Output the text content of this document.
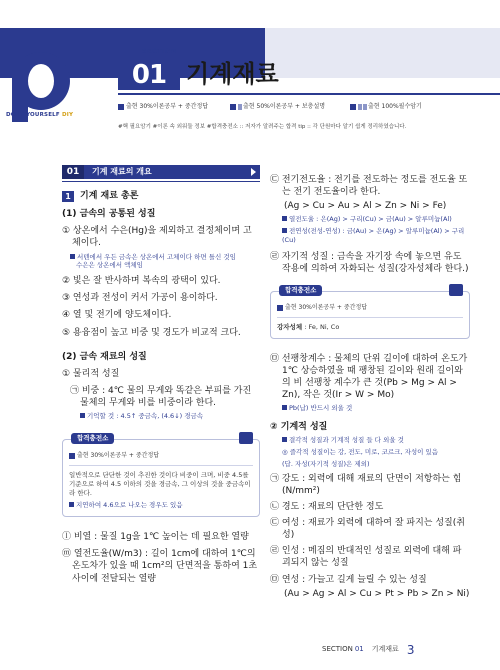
DO IT YOURSELF DIY
SECTION
01 기계재료
출현 30%이론공부 + 중간정답	출현 50%이론공부 + 보충설명	출현 100%필수암기
#핵 필요암기 #이론 속 외워둘 정보 #합격충전소 :: 저자가 알려주는 합격 tip :: 각 단원마다 알기 쉽게 정리하였습니다.
01	기계 재료의 개요
1	기계 재료 총론
(1) 금속의 공통된 성질
① 상온에서 수은(Hg)을 제외하고 결정체이며 고체이다.
서텐에서 우든 금속은 상온에서 고체이다 하면 틀신 것임
수은은 상온에서 액체임
② 빛은 잘 반사하며 복속의 광택이 있다.
③ 연성과 전성이 커서 가공이 용이하다.
④ 열 및 전기에 양도체이다.
⑤ 용융점이 높고 비중 및 경도가 비교적 크다.
(2) 금속 재료의 성질
① 물리적 성질
㉠ 비중 : 4℃ 물의 무게와 똑같은 부피를 가진 물체의 무게와 비를 비중이라 한다.
기억할 것 : 4.5↑ 중금속, (4.6↓) 경금속
합격충전소
출현 30%이론공부 + 중간정답
일반적으로 단단한 것이 추진한 것이다 비중이 크며, 비중 4.5를 기준으로 하여 4.5 이하의 것을 경금속, 그 이상의 것을 중금속이라 한다.
지연하여 4.6으로 나오는 경우도 있음
ⓛ 비열 : 물질 1g을 1℃ 높이는 데 필요한 열량
ⓜ 열전도율(W/m3) : 길이 1cm에 대하여 1℃의 온도차가 있을 때 1cm²의 단면적을 통하여 1초 사이에 전달되는 열량
㉢ 전기전도율 : 전기를 전도하는 정도를 전도율 또는 전기 전도율이라 한다.
(Ag > Cu > Au > Al > Zn > Ni > Fe)
열전도율 : 은(Ag) > 구리(Cu) > 금(Au) > 알루미늄(Al)
전연성(전성-연성) : 금(Au) > 은(Ag) > 알루미늄(Al) > 구리(Cu)
㉣ 자기적 성질 : 금속을 자기장 속에 놓으면 유도작용에 의하여 자화되는 성질(강자성체라 한다.)
합격충전소
출현 30%이론공부 + 중간정답
강자성체 : Fe, Ni, Co
㉤ 선팽창계수 : 물체의 단위 길이에 대하여 온도가 1℃ 상승하였을 때 팽창된 길이와 원래 길이와의 비 선팽창 계수가 큰 것(Pb > Mg > Al > Zn), 작은 것(Ir > W > Mo)
Pb(납) 반드시 외울 것
② 기계적 성질
결각적 성질과 기계적 성질 들 다 외울 것
◎ 즐각적 성질이는 강, 전도, 미로, 코르크, 자성이 있음
(답. 자성(자기적 성질)은 제외)
㉠ 강도 : 외력에 대해 재료의 단면이 저항하는 힘(N/mm²)
㉡ 경도 : 재료의 단단한 정도
㉢ 여성 : 재료가 외력에 대하여 잘 파지는 성질(취성)
㉣ 인성 : 메짐의 반대적인 성질로 외력에 대해 파괴되지 않는 성질
㉤ 연성 : 가늘고 길게 늘릴 수 있는 성질
(Au > Ag > Al > Cu > Pt > Pb > Zn > Ni)
SECTION 01 기계재료 3
